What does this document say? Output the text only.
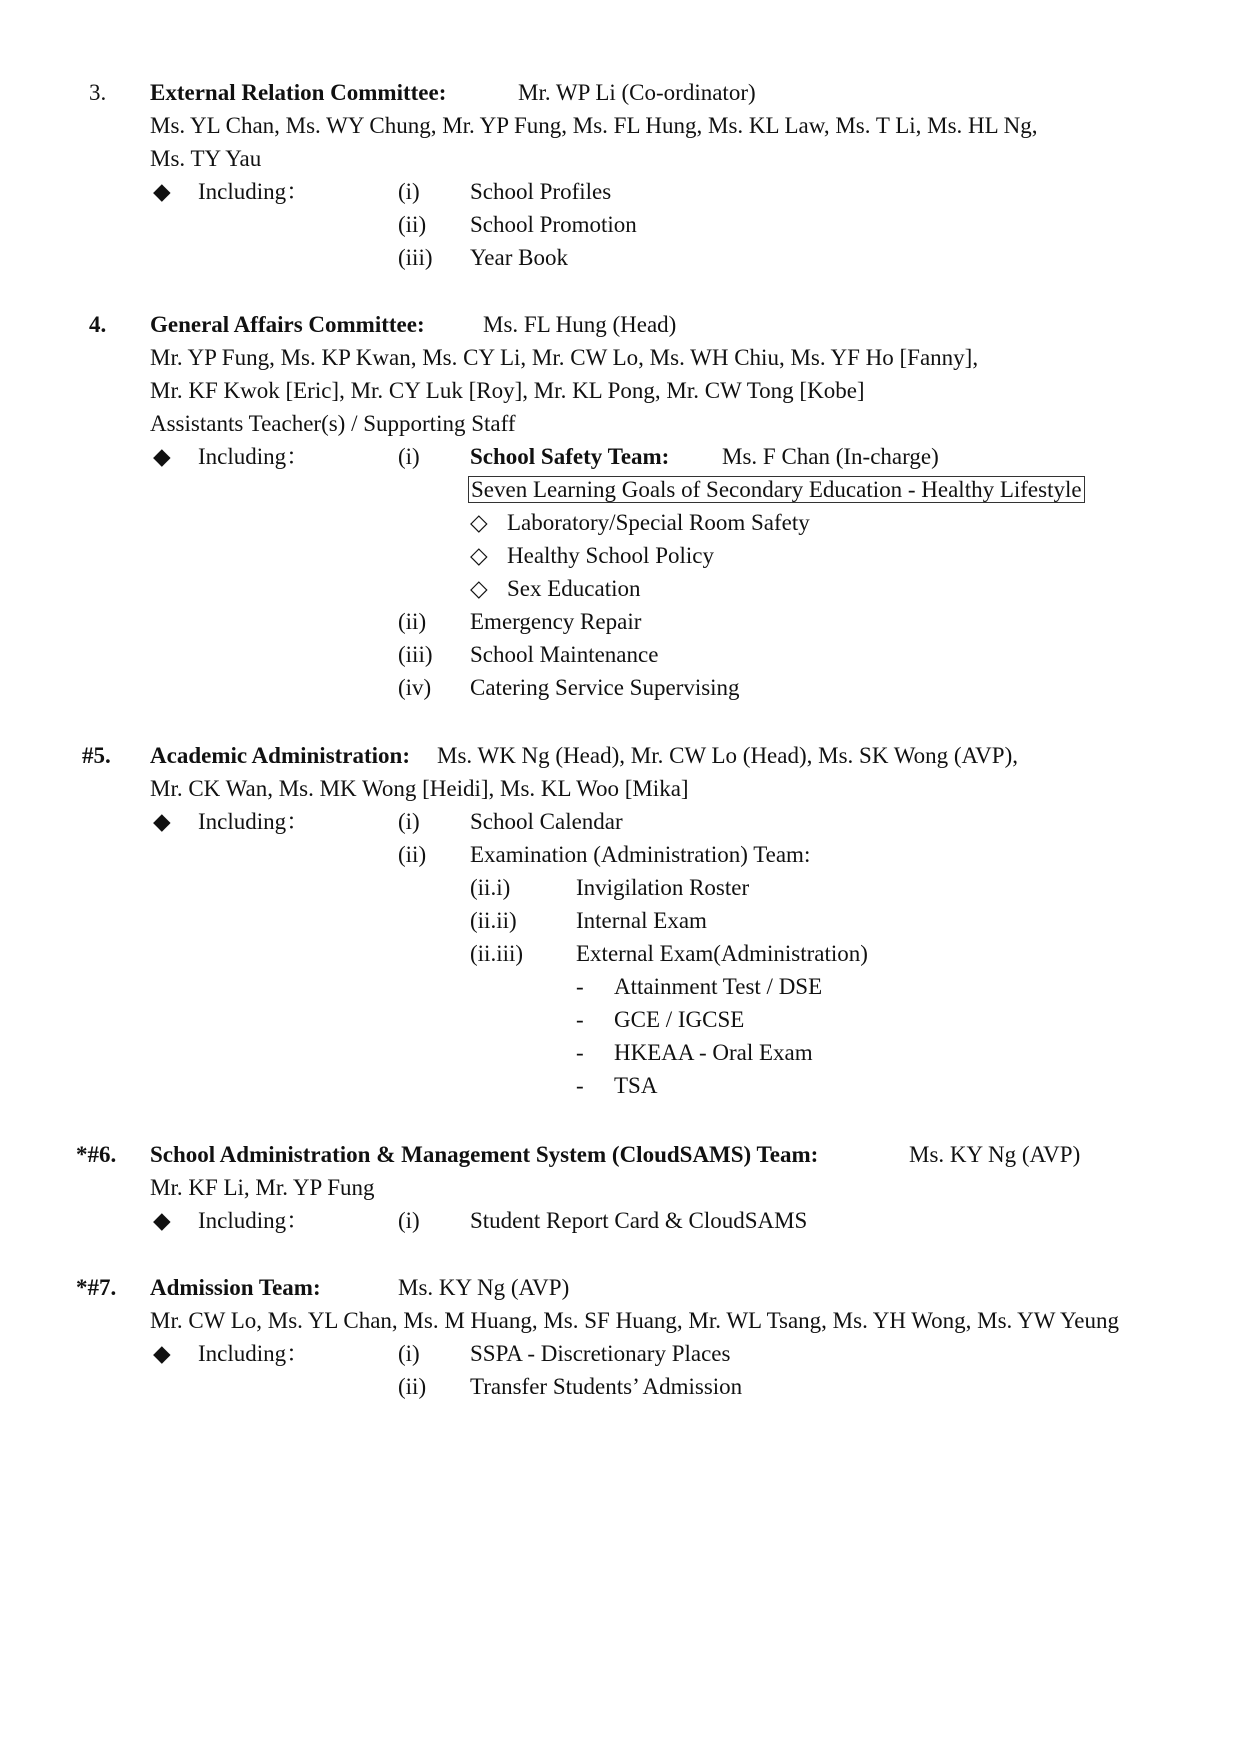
3. External Relation Committee:	Mr. WP Li (Co-ordinator)
Ms. YL Chan, Ms. WY Chung, Mr. YP Fung, Ms. FL Hung, Ms. KL Law, Ms. T Li, Ms. HL Ng,
Ms. TY Yau
◆ Including：	(i) School Profiles
(ii) School Promotion
(iii) Year Book
4. General Affairs Committee:	Ms. FL Hung (Head)
Mr. YP Fung, Ms. KP Kwan, Ms. CY Li, Mr. CW Lo, Ms. WH Chiu, Ms. YF Ho [Fanny],
Mr. KF Kwok [Eric], Mr. CY Luk [Roy], Mr. KL Pong, Mr. CW Tong [Kobe]
Assistants Teacher(s) / Supporting Staff
◆ Including：	(i) School Safety Team: Ms. F Chan (In-charge)
Seven Learning Goals of Secondary Education - Healthy Lifestyle
◇ Laboratory/Special Room Safety
◇ Healthy School Policy
◇ Sex Education
(ii) Emergency Repair
(iii) School Maintenance
(iv) Catering Service Supervising
#5. Academic Administration: Ms. WK Ng (Head), Mr. CW Lo (Head), Ms. SK Wong (AVP),
Mr. CK Wan, Ms. MK Wong [Heidi], Ms. KL Woo [Mika]
◆ Including：	(i) School Calendar
(ii) Examination (Administration) Team:
(ii.i)	Invigilation Roster
(ii.ii)	Internal Exam
(ii.iii) External Exam(Administration)
- Attainment Test / DSE
- GCE / IGCSE
- HKEAA - Oral Exam
- TSA
*#6. School Administration & Management System (CloudSAMS) Team:	Ms. KY Ng (AVP)
Mr. KF Li, Mr. YP Fung
◆ Including：	(i) Student Report Card & CloudSAMS
*#7. Admission Team:	Ms. KY Ng (AVP)
Mr. CW Lo, Ms. YL Chan, Ms. M Huang, Ms. SF Huang, Mr. WL Tsang, Ms. YH Wong, Ms. YW Yeung
◆ Including：	(i) SSPA - Discretionary Places
(ii) Transfer Students’ Admission
